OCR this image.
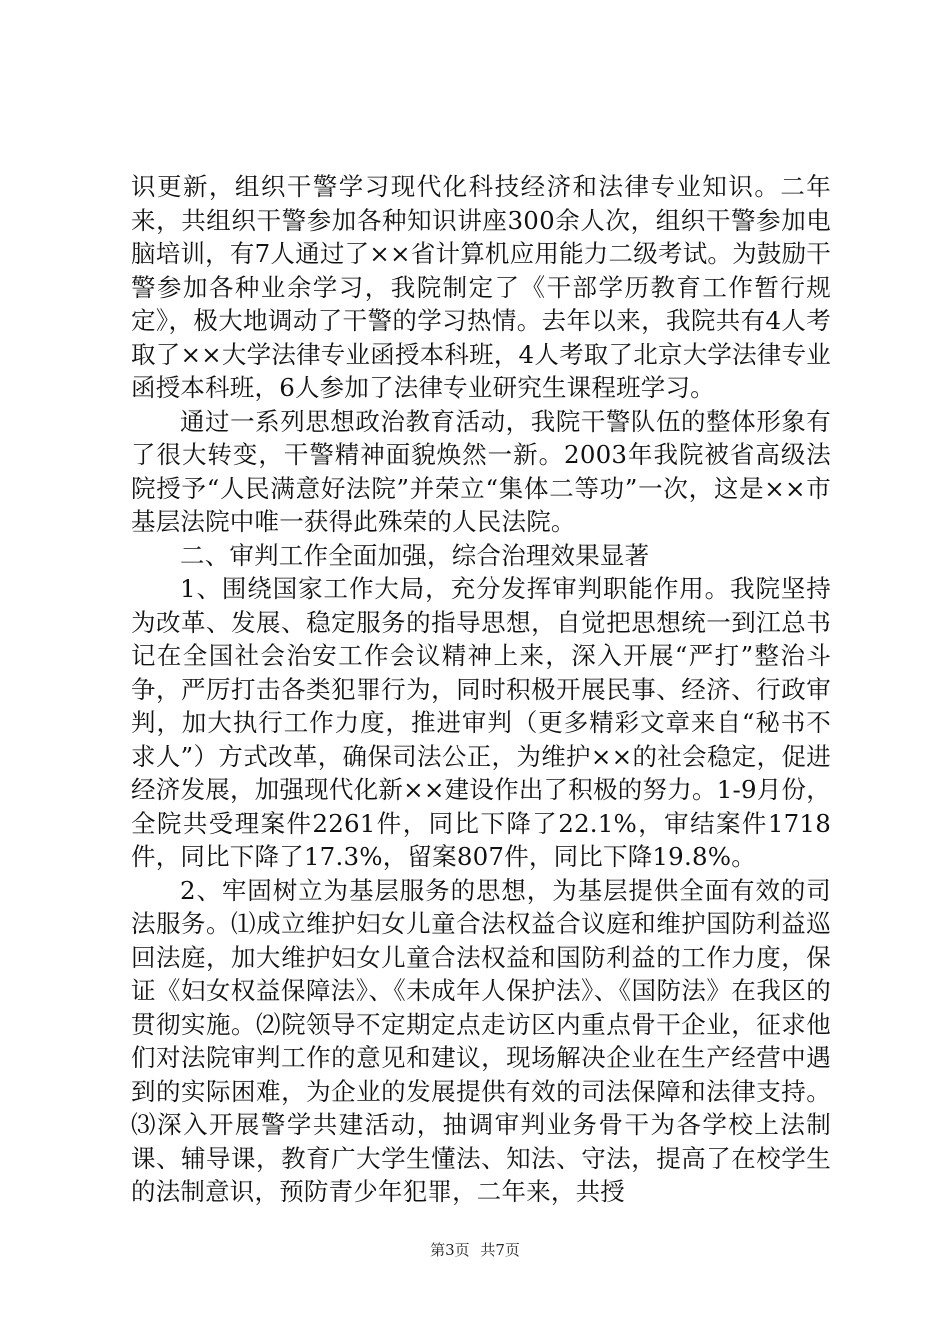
识更新，组织干警学习现代化科技经济和法律专业知识。二年来，共组织干警参加各种知识讲座300余人次，组织干警参加电脑培训，有7人通过了××省计算机应用能力二级考试。为鼓励干警参加各种业余学习，我院制定了《干部学历教育工作暂行规定》，极大地调动了干警的学习热情。去年以来，我院共有4人考取了××大学法律专业函授本科班，4人考取了北京大学法律专业函授本科班，6人参加了法律专业研究生课程班学习。

通过一系列思想政治教育活动，我院干警队伍的整体形象有了很大转变，干警精神面貌焕然一新。2003年我院被省高级法院授予“人民满意好法院”并荣立“集体二等功”一次，这是××市基层法院中唯一获得此殊荣的人民法院。

二、审判工作全面加强，综合治理效果显著

1、围绕国家工作大局，充分发挥审判职能作用。我院坚持为改革、发展、稳定服务的指导思想，自觉把思想统一到江总书记在全国社会治安工作会议精神上来，深入开展“严打”整治斗争，严厉打击各类犯罪行为，同时积极开展民事、经济、行政审判，加大执行工作力度，推进审判（更多精彩文章来自“秘书不求人”）方式改革，确保司法公正，为维护××的社会稳定，促进经济发展，加强现代化新××建设作出了积极的努力。1-9月份，全院共受理案件2261件，同比下降了22.1%，审结案件1718件，同比下降了17.3%，留案807件，同比下降19.8%。

2、牢固树立为基层服务的思想，为基层提供全面有效的司法服务。⑴成立维护妇女儿童合法权益合议庭和维护国防利益巡回法庭，加大维护妇女儿童合法权益和国防利益的工作力度，保证《妇女权益保障法》、《未成年人保护法》、《国防法》在我区的贯彻实施。⑵院领导不定期定点走访区内重点骨干企业，征求他们对法院审判工作的意见和建议，现场解决企业在生产经营中遇到的实际困难，为企业的发展提供有效的司法保障和法律支持。⑶深入开展警学共建活动，抽调审判业务骨干为各学校上法制课、辅导课，教育广大学生懂法、知法、守法，提高了在校学生的法制意识，预防青少年犯罪，二年来，共授

第3页 共7页
